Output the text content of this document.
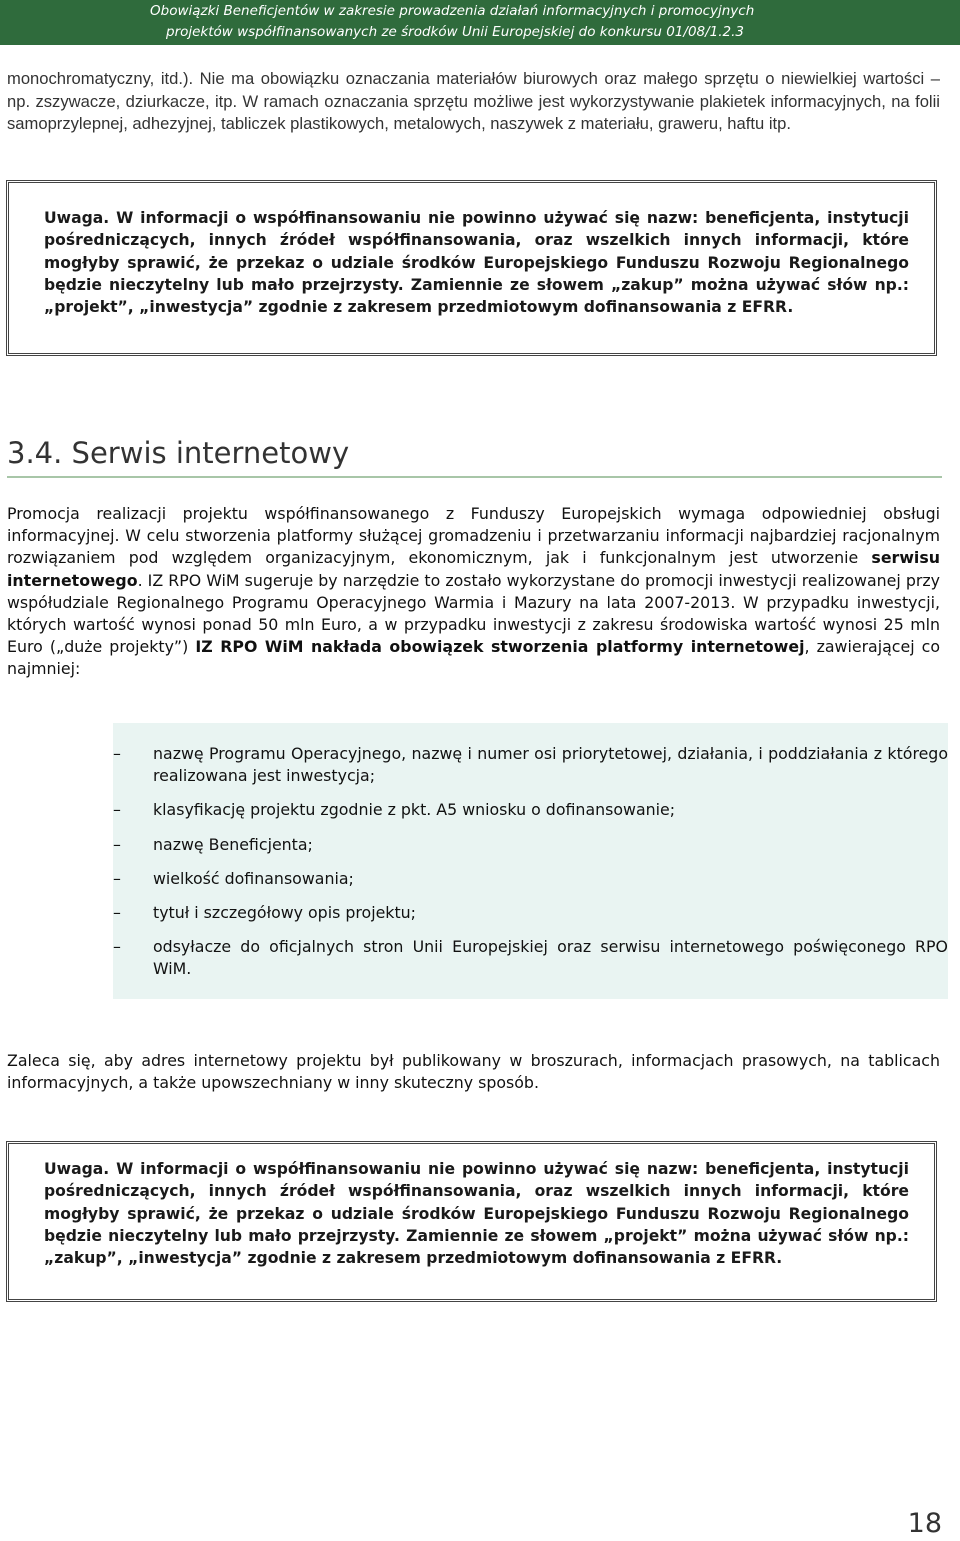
Obowiązki Beneficjentów w zakresie prowadzenia działań informacyjnych i promocyjnych
projektów współfinansowanych ze środków Unii Europejskiej do konkursu 01/08/1.2.3
monochromatyczny, itd.). Nie ma obowiązku oznaczania materiałów biurowych oraz małego sprzętu o niewielkiej wartości – np. zszywacze, dziurkacze, itp. W ramach oznaczania sprzętu możliwe jest wykorzystywanie plakietek informacyjnych, na folii samoprzylepnej, adhezyjnej, tabliczek plastikowych, metalowych, naszywek z materiału, graweru, haftu itp.
Uwaga. W informacji o współfinansowaniu nie powinno używać się nazw: beneficjenta, instytucji pośredniczących, innych źródeł współfinansowania, oraz wszelkich innych informacji, które mogłyby sprawić, że przekaz o udziale środków Europejskiego Funduszu Rozwoju Regionalnego będzie nieczytelny lub mało przejrzysty. Zamiennie ze słowem „zakup” można używać słów np.: „projekt”, „inwestycja” zgodnie z zakresem przedmiotowym dofinansowania z EFRR.
3.4. Serwis internetowy
Promocja realizacji projektu współfinansowanego z Funduszy Europejskich wymaga odpowiedniej obsługi informacyjnej. W celu stworzenia platformy służącej gromadzeniu i przetwarzaniu informacji najbardziej racjonalnym rozwiązaniem pod względem organizacyjnym, ekonomicznym, jak i funkcjonalnym jest utworzenie serwisu internetowego. IZ RPO WiM sugeruje by narzędzie to zostało wykorzystane do promocji inwestycji realizowanej przy współudziale Regionalnego Programu Operacyjnego Warmia i Mazury na lata 2007-2013. W przypadku inwestycji, których wartość wynosi ponad 50 mln Euro, a w przypadku inwestycji z zakresu środowiska wartość wynosi 25 mln Euro („duże projekty”) IZ RPO WiM nakłada obowiązek stworzenia platformy internetowej, zawierającej co najmniej:
– nazwę Programu Operacyjnego, nazwę i numer osi priorytetowej, działania, i poddziałania z którego realizowana jest inwestycja;
– klasyfikację projektu zgodnie z pkt. A5 wniosku o dofinansowanie;
– nazwę Beneficjenta;
– wielkość dofinansowania;
– tytuł i szczegółowy opis projektu;
– odsyłacze do oficjalnych stron Unii Europejskiej oraz serwisu internetowego poświęconego RPO WiM.
Zaleca się, aby adres internetowy projektu był publikowany w broszurach, informacjach prasowych, na tablicach informacyjnych, a także upowszechniany w inny skuteczny sposób.
Uwaga. W informacji o współfinansowaniu nie powinno używać się nazw: beneficjenta, instytucji pośredniczących, innych źródeł współfinansowania, oraz wszelkich innych informacji, które mogłyby sprawić, że przekaz o udziale środków Europejskiego Funduszu Rozwoju Regionalnego będzie nieczytelny lub mało przejrzysty. Zamiennie ze słowem „projekt” można używać słów np.: „zakup”, „inwestycja” zgodnie z zakresem przedmiotowym dofinansowania z EFRR.
18
